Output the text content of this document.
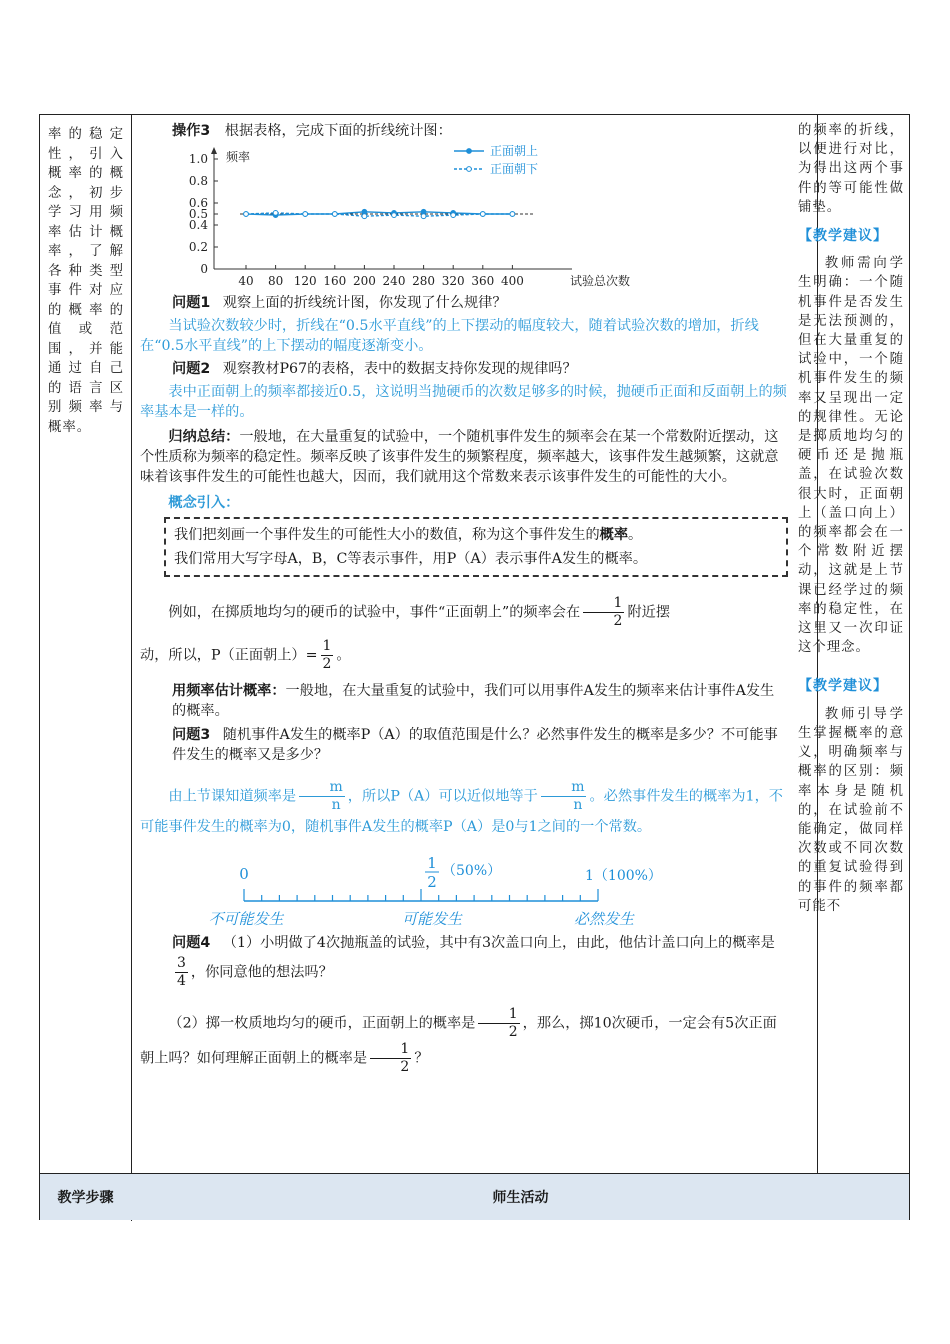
率的稳定
性，引入
概率的概
念，初步
学习用频
率估计概
率，了解
各种类型
事件对应
的概率的
值或范
围，并能
通过自己
的语言区
别频率与
概率。

操作3 根据表格，完成下面的折线统计图：

0
0.2
0.4
0.5
0.6
0.8
1.0 频率
40 80 120 160 200 240 280 320 360 400	试验总次数
正面朝上
正面朝下

问题1 观察上面的折线统计图，你发现了什么规律？

当试验次数较少时，折线在“0.5水平直线”的上下摆动的幅度较大，随着试验次数的增加，折线在“0.5水平直线”的上下摆动的幅度逐渐变小。

问题2 观察教材P67的表格，表中的数据支持你发现的规律吗？

表中正面朝上的频率都接近0.5，这说明当抛硬币的次数足够多的时候，抛硬币正面和反面朝上的频率基本是一样的。

归纳总结：一般地，在大量重复的试验中，一个随机事件发生的频率会在某一个常数附近摆动，这个性质称为频率的稳定性。频率反映了该事件发生的频繁程度，频率越大，该事件发生越频繁，这就意味着该事件发生的可能性也越大，因而，我们就用这个常数来表示该事件发生的可能性的大小。

概念引入：

我们把刻画一个事件发生的可能性大小的数值，称为这个事件发生的概率。

我们常用大写字母A，B，C等表示事件，用P（A）表示事件A发生的概率。

例如，在掷质地均匀的硬币的试验中，事件“正面朝上”的频率会在 $\frac{1}{2}$ 附近摆

动，所以，P（正面朝上）= $\frac{1}{2}$ 。

用频率估计概率：一般地，在大量重复的试验中，我们可以用事件A发生的频率来估计事件A发生的概率。

问题3 随机事件A发生的概率P（A）的取值范围是什么？必然事件发生的概率是多少？不可能事件发生的概率又是多少？

由上节课知道频率是 $\frac{m}{n}$ ，所以P（A）可以近似地等于 $\frac{m}{n}$ 。必然事件发生的概率为1，不可能事件发生的概率为0，随机事件A发生的概率P（A）是0与1之间的一个常数。

0
1
2
（50%）	1（100%）
不可能发生	可能发生	必然发生

问题4 （1）小明做了4次抛瓶盖的试验，其中有3次盖口向上，由此，他估计盖口向上的概率是
$\frac{3}{4}$ ，你同意他的想法吗？

（2）掷一枚质地均匀的硬币，正面朝上的概率是 $\frac{1}{2}$ ，那么，掷10次硬币，一定会有5次正面朝上吗？如何理解正面朝上的概率是 $\frac{1}{2}$ ？

的频率的折线，以便进行对比，为得出这两个事件的等可能性做铺垫。
【教学建议】
教师需向学生明确：一个随机事件是否发生是无法预测的，但在大量重复的试验中，一个随机事件发生的频率又呈现出一定的规律性。无论是掷质地均匀的硬币还是抛瓶盖，在试验次数很大时，正面朝上（盖口向上）的频率都会在一个常数附近摆动，这就是上节课已经学过的频率的稳定性，在这里又一次印证这个理念。
【教学建议】
教师引导学生掌握概率的意义，明确频率与概率的区别：频率本身是随机的，在试验前不能确定，做同样次数或不同次数的重复试验得到的事件的频率都可能不
教学步骤	师生活动
